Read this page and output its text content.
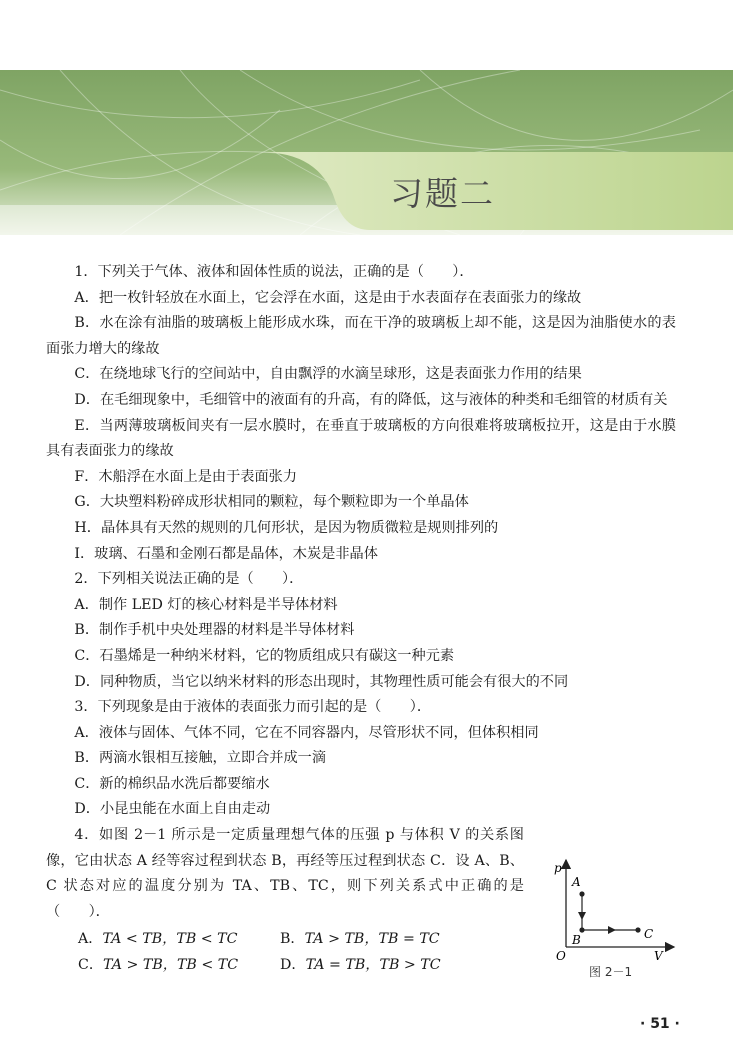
习题二

1．下列关于气体、液体和固体性质的说法，正确的是（　　）．

A．把一枚针轻放在水面上，它会浮在水面，这是由于水表面存在表面张力的缘故

B．水在涂有油脂的玻璃板上能形成水珠，而在干净的玻璃板上却不能，这是因为油脂使水的表面张力增大的缘故

C．在绕地球飞行的空间站中，自由飘浮的水滴呈球形，这是表面张力作用的结果

D．在毛细现象中，毛细管中的液面有的升高，有的降低，这与液体的种类和毛细管的材质有关

E．当两薄玻璃板间夹有一层水膜时，在垂直于玻璃板的方向很难将玻璃板拉开，这是由于水膜具有表面张力的缘故

F．木船浮在水面上是由于表面张力

G．大块塑料粉碎成形状相同的颗粒，每个颗粒即为一个单晶体

H．晶体具有天然的规则的几何形状，是因为物质微粒是规则排列的

I．玻璃、石墨和金刚石都是晶体，木炭是非晶体

2．下列相关说法正确的是（　　）．

A．制作 LED 灯的核心材料是半导体材料

B．制作手机中央处理器的材料是半导体材料

C．石墨烯是一种纳米材料，它的物质组成只有碳这一种元素

D．同种物质，当它以纳米材料的形态出现时，其物理性质可能会有很大的不同

3．下列现象是由于液体的表面张力而引起的是（　　）．

A．液体与固体、气体不同，它在不同容器内，尽管形状不同，但体积相同

B．两滴水银相互接触，立即合并成一滴

C．新的棉织品水洗后都要缩水

D．小昆虫能在水面上自由走动

4．如图 2－1 所示是一定质量理想气体的压强 p 与体积 V 的关系图像，它由状态 A 经等容过程到状态 B，再经等压过程到状态 C．设 A、B、C 状态对应的温度分别为 TA、TB、TC，则下列关系式中正确的是（　　）．

A．TA < TB，TB < TC	B．TA > TB，TB = TC
C．TA > TB，TB < TC	D．TA = TB，TB > TC
p
V
O
A
B	C
图 2－1
· 51 ·
